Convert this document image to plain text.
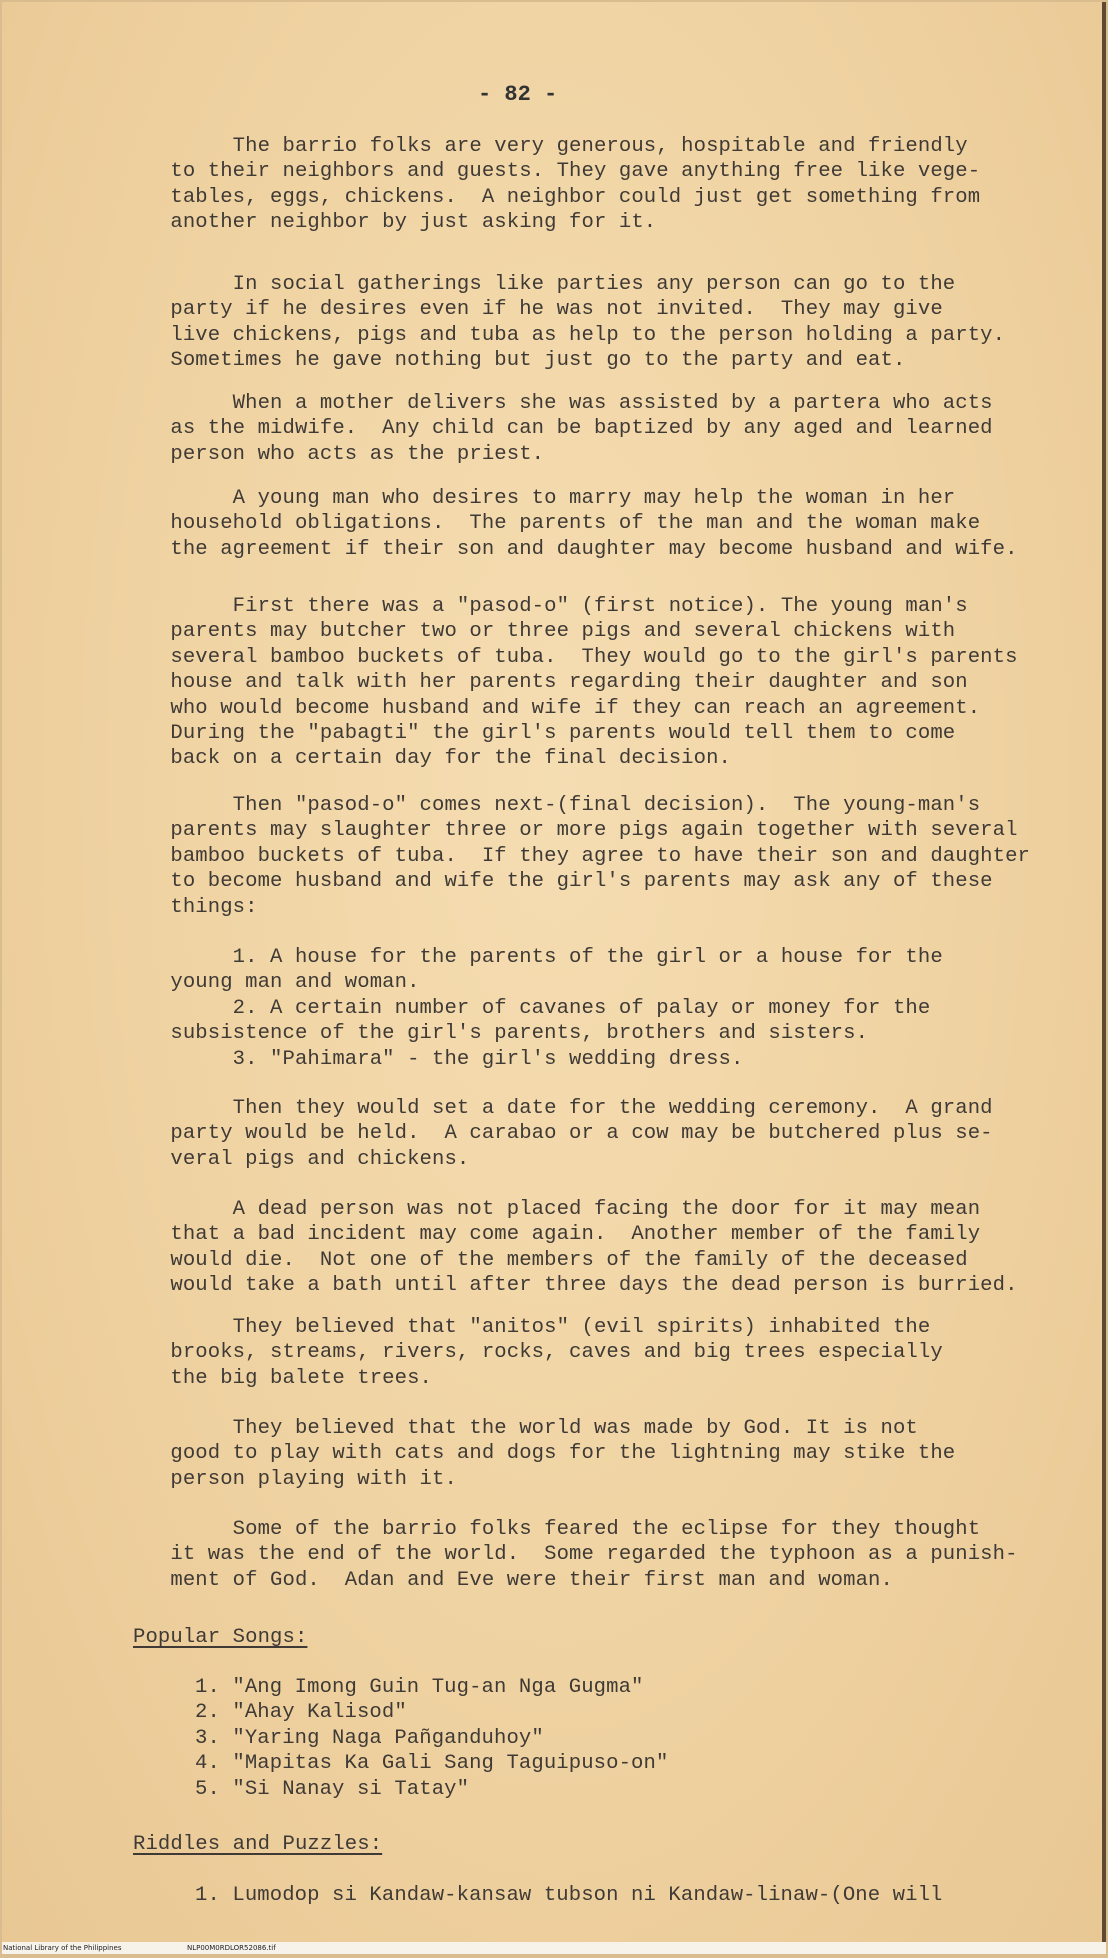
- 82 -
The barrio folks are very generous, hospitable and friendly
to their neighbors and guests. They gave anything free like vege-
tables, eggs, chickens.  A neighbor could just get something from
another neighbor by just asking for it.
In social gatherings like parties any person can go to the
party if he desires even if he was not invited.  They may give
live chickens, pigs and tuba as help to the person holding a party.
Sometimes he gave nothing but just go to the party and eat.
When a mother delivers she was assisted by a partera who acts
as the midwife.  Any child can be baptized by any aged and learned
person who acts as the priest.
A young man who desires to marry may help the woman in her
household obligations.  The parents of the man and the woman make
the agreement if their son and daughter may become husband and wife.
First there was a "pasod-o" (first notice). The young man's
parents may butcher two or three pigs and several chickens with
several bamboo buckets of tuba.  They would go to the girl's parents
house and talk with her parents regarding their daughter and son
who would become husband and wife if they can reach an agreement.
During the "pabagti" the girl's parents would tell them to come
back on a certain day for the final decision.
Then "pasod-o" comes next-(final decision).  The young-man's
parents may slaughter three or more pigs again together with several
bamboo buckets of tuba.  If they agree to have their son and daughter
to become husband and wife the girl's parents may ask any of these
things:
1. A house for the parents of the girl or a house for the
young man and woman.
2. A certain number of cavanes of palay or money for the
subsistence of the girl's parents, brothers and sisters.
3. "Pahimara" - the girl's wedding dress.
Then they would set a date for the wedding ceremony.  A grand
party would be held.  A carabao or a cow may be butchered plus se-
veral pigs and chickens.
A dead person was not placed facing the door for it may mean
that a bad incident may come again.  Another member of the family
would die.  Not one of the members of the family of the deceased
would take a bath until after three days the dead person is burried.
They believed that "anitos" (evil spirits) inhabited the
brooks, streams, rivers, rocks, caves and big trees especially
the big balete trees.
They believed that the world was made by God. It is not
good to play with cats and dogs for the lightning may stike the
person playing with it.
Some of the barrio folks feared the eclipse for they thought
it was the end of the world.  Some regarded the typhoon as a punish-
ment of God.  Adan and Eve were their first man and woman.
Popular Songs:
1. "Ang Imong Guin Tug-an Nga Gugma"
2. "Ahay Kalisod"
3. "Yaring Naga Pañganduhoy"
4. "Mapitas Ka Gali Sang Taguipuso-on"
5. "Si Nanay si Tatay"
Riddles and Puzzles:
1. Lumodop si Kandaw-kansaw tubson ni Kandaw-linaw-(One will

National Library of the Philippines

	NLP00M0RDLOR52086.tif
